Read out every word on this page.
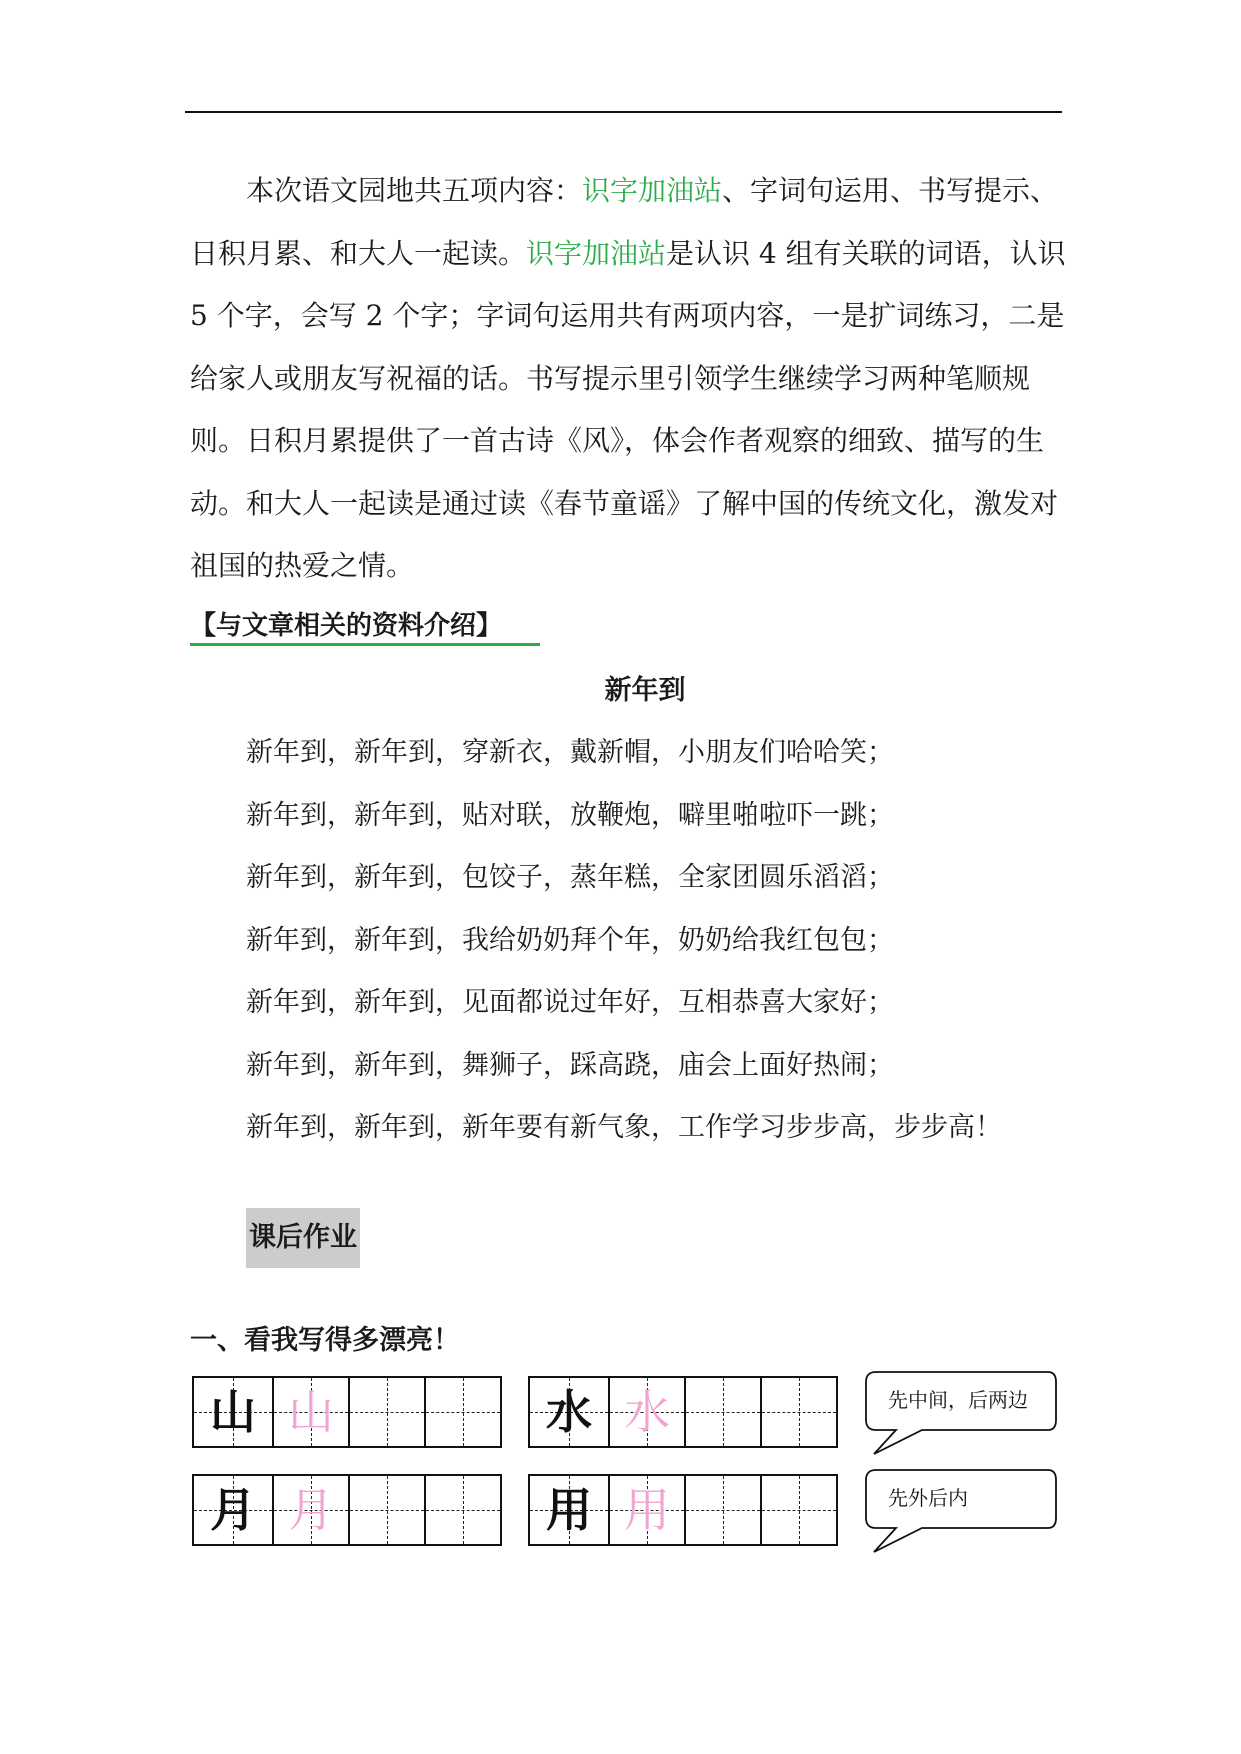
本次语文园地共五项内容：识字加油站、字词句运用、书写提示、日积月累、和大人一起读。识字加油站是认识 4 组有关联的词语，认识 5 个字，会写 2 个字；字词句运用共有两项内容，一是扩词练习，二是给家人或朋友写祝福的话。书写提示里引领学生继续学习两种笔顺规则。日积月累提供了一首古诗《风》，体会作者观察的细致、描写的生动。和大人一起读是通过读《春节童谣》了解中国的传统文化，激发对祖国的热爱之情。

【与文章相关的资料介绍】
新年到
新年到，新年到，穿新衣，戴新帽，小朋友们哈哈笑；
新年到，新年到，贴对联，放鞭炮，噼里啪啦吓一跳；
新年到，新年到，包饺子，蒸年糕，全家团圆乐滔滔；
新年到，新年到，我给奶奶拜个年，奶奶给我红包包；
新年到，新年到，见面都说过年好，互相恭喜大家好；
新年到，新年到，舞狮子，踩高跷，庙会上面好热闹；
新年到，新年到，新年要有新气象，工作学习步步高，步步高！
课后作业
一、看我写得多漂亮！
山 山	水 水	先中间，后两边
月 月	用 用	先外后内
